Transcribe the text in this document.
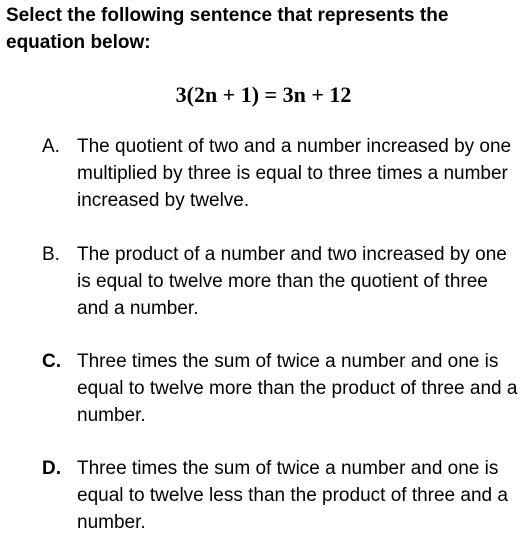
Select the following sentence that represents the equation below:
3(2n + 1) = 3n + 12
A. The quotient of two and a number increased by one multiplied by three is equal to three times a number increased by twelve.
B. The product of a number and two increased by one is equal to twelve more than the quotient of three and a number.
C. Three times the sum of twice a number and one is equal to twelve more than the product of three and a number.
D. Three times the sum of twice a number and one is equal to twelve less than the product of three and a number.
